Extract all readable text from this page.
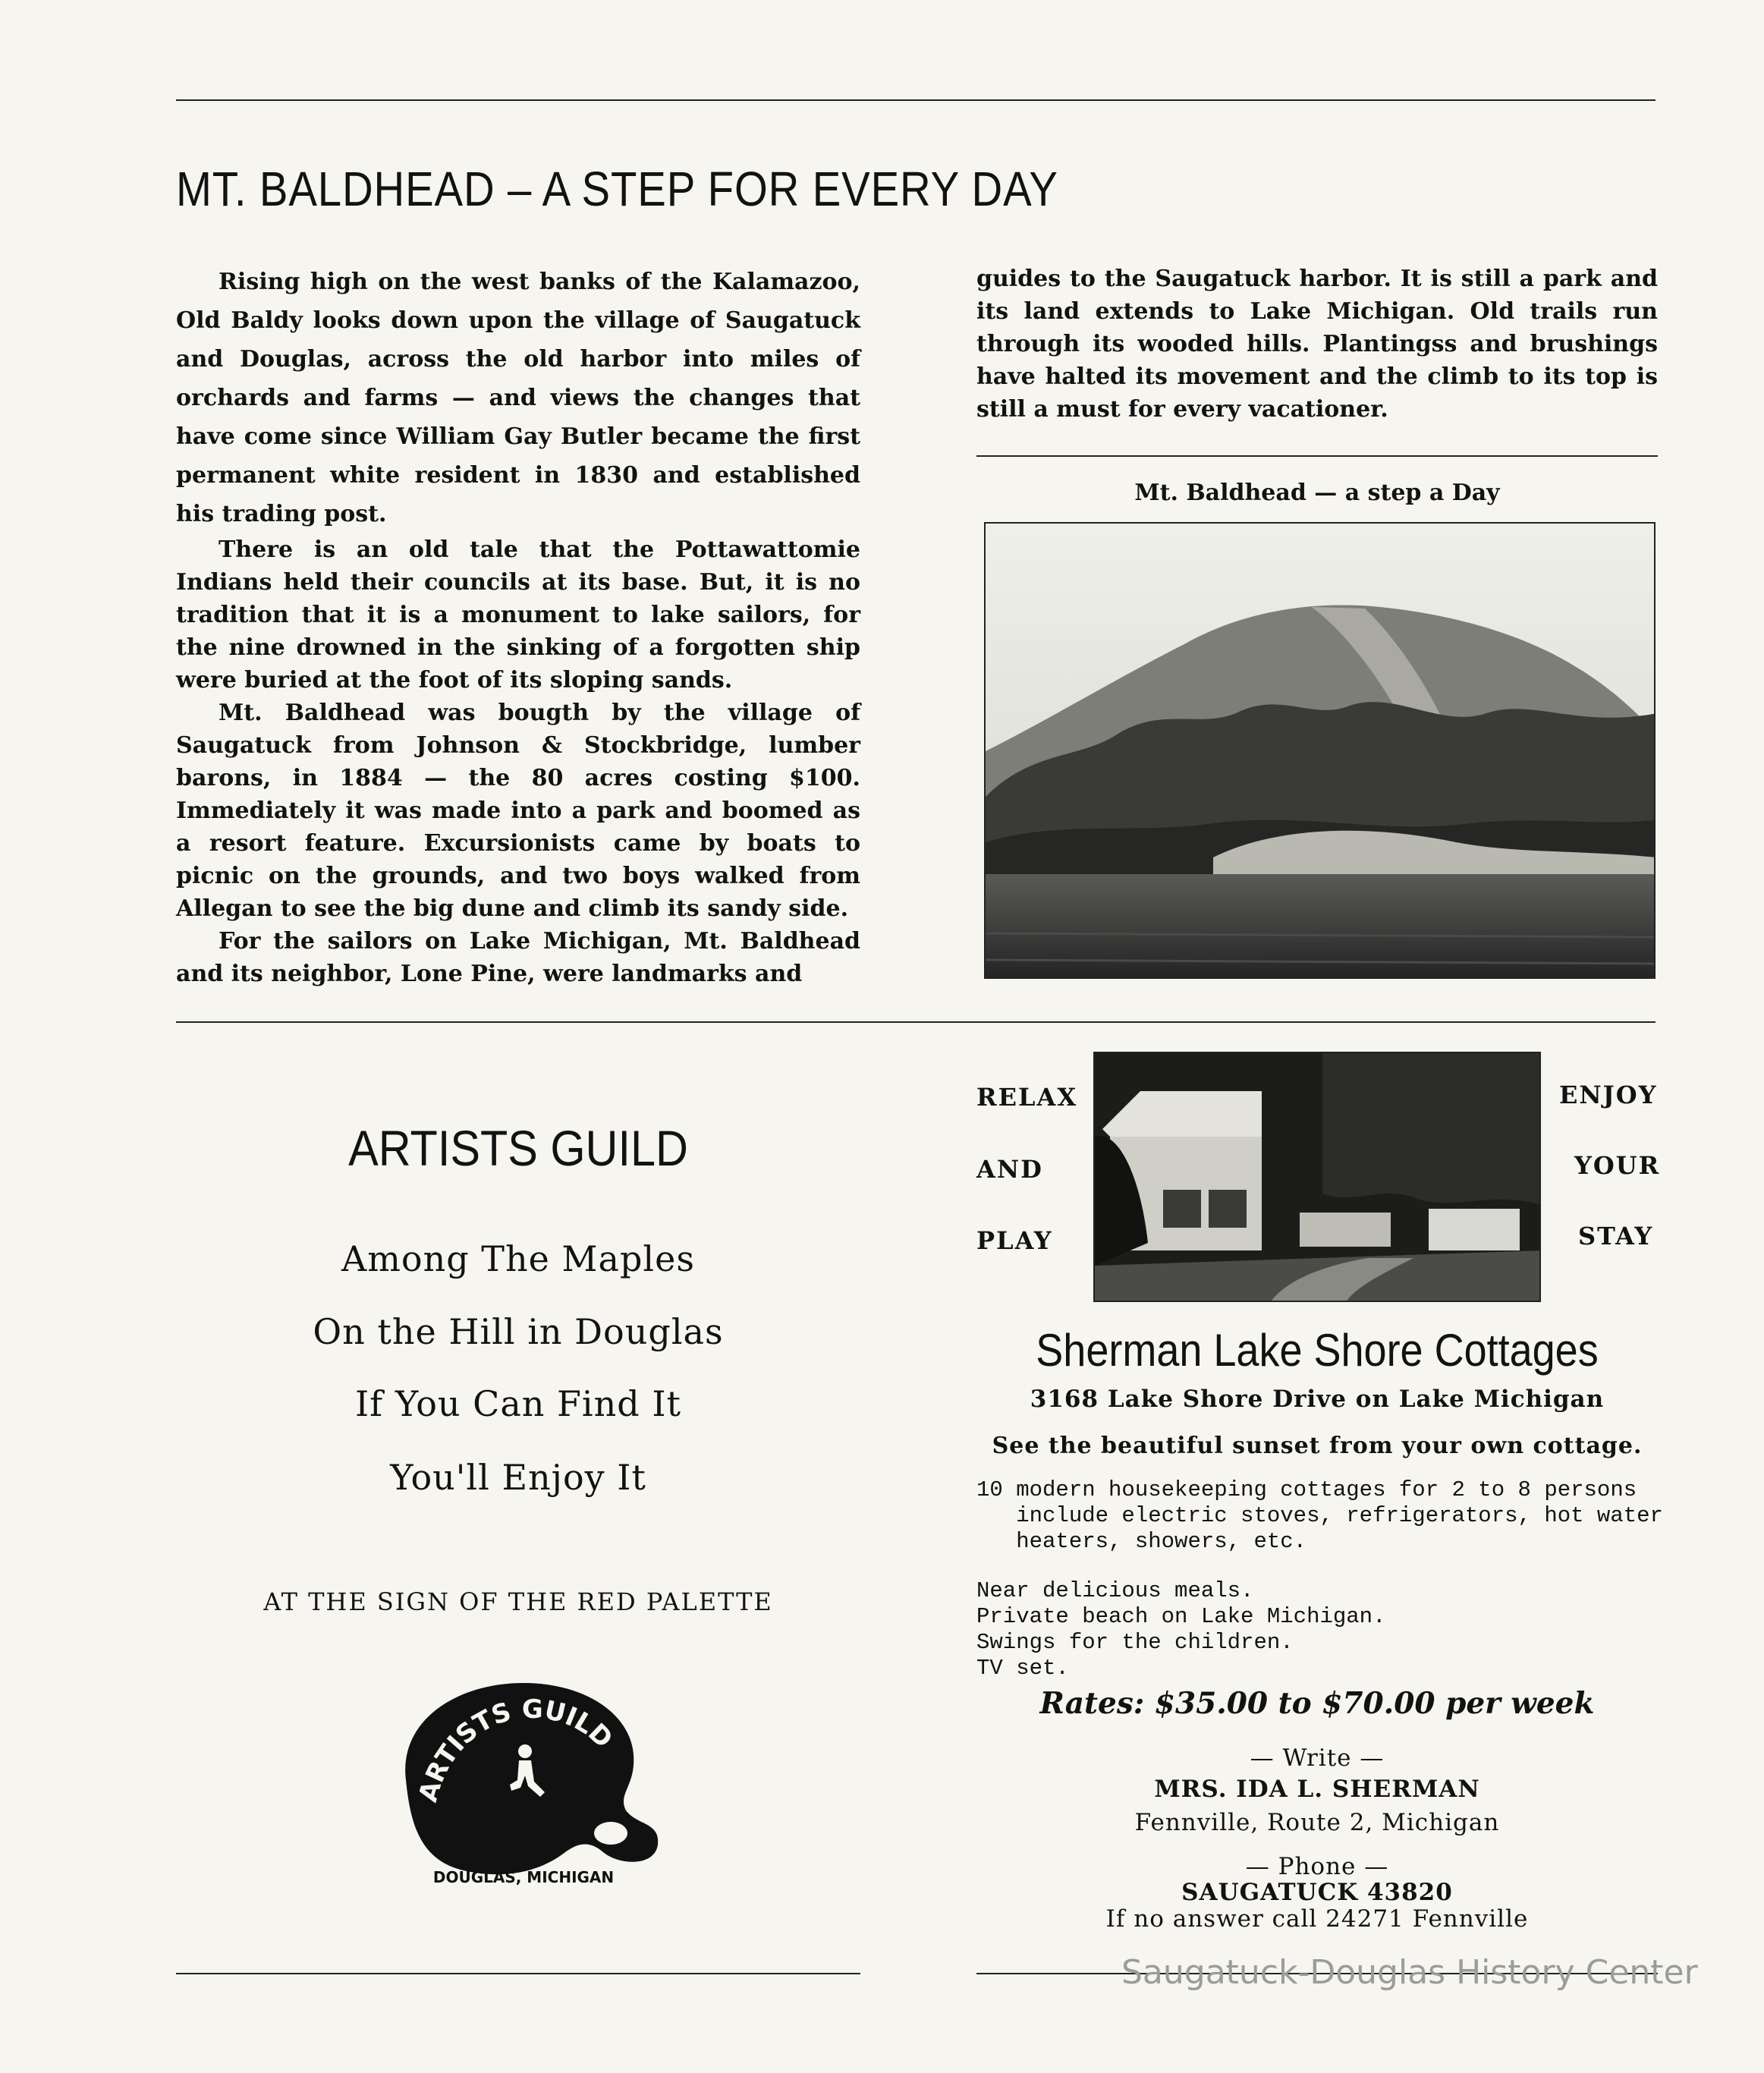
MT. BALDHEAD – A STEP FOR EVERY DAY

Rising high on the west banks of the Kalamazoo, Old Baldy looks down upon the village of Saugatuck and Douglas, across the old harbor into miles of orchards and farms — and views the changes that have come since William Gay Butler became the first permanent white resident in 1830 and established his trading post.

There is an old tale that the Pottawattomie Indians held their councils at its base. But, it is no tradition that it is a monument to lake sailors, for the nine drowned in the sinking of a forgotten ship were buried at the foot of its sloping sands.

Mt. Baldhead was bougth by the village of Saugatuck from Johnson & Stockbridge, lumber barons, in 1884 — the 80 acres costing $100. Immediately it was made into a park and boomed as a resort feature. Excursionists came by boats to picnic on the grounds, and two boys walked from Allegan to see the big dune and climb its sandy side.

For the sailors on Lake Michigan, Mt. Baldhead and its neighbor, Lone Pine, were landmarks and

guides to the Saugatuck harbor. It is still a park and its land extends to Lake Michigan. Old trails run through its wooded hills. Plantingss and brushings have halted its movement and the climb to its top is still a must for every vacationer.

Mt. Baldhead — a step a Day
ARTISTS GUILD
Among The Maples
On the Hill in Douglas
If You Can Find It
You'll Enjoy It
AT THE SIGN OF THE RED PALETTE
DOUGLAS, MICHIGAN
ARTISTS GUILD
RELAX
AND
PLAY
ENJOY
YOUR
STAY
Sherman Lake Shore Cottages
3168 Lake Shore Drive on Lake Michigan
See the beautiful sunset from your own cottage.
10 modern housekeeping cottages for 2 to 8 persons
include electric stoves, refrigerators, hot water
heaters, showers, etc.
Near delicious meals.
Private beach on Lake Michigan.
Swings for the children.
TV set.
Rates: $35.00 to $70.00 per week
— Write —
MRS. IDA L. SHERMAN
Fennville, Route 2, Michigan
— Phone —
SAUGATUCK 43820
If no answer call 24271 Fennville
Saugatuck-Douglas History Center
